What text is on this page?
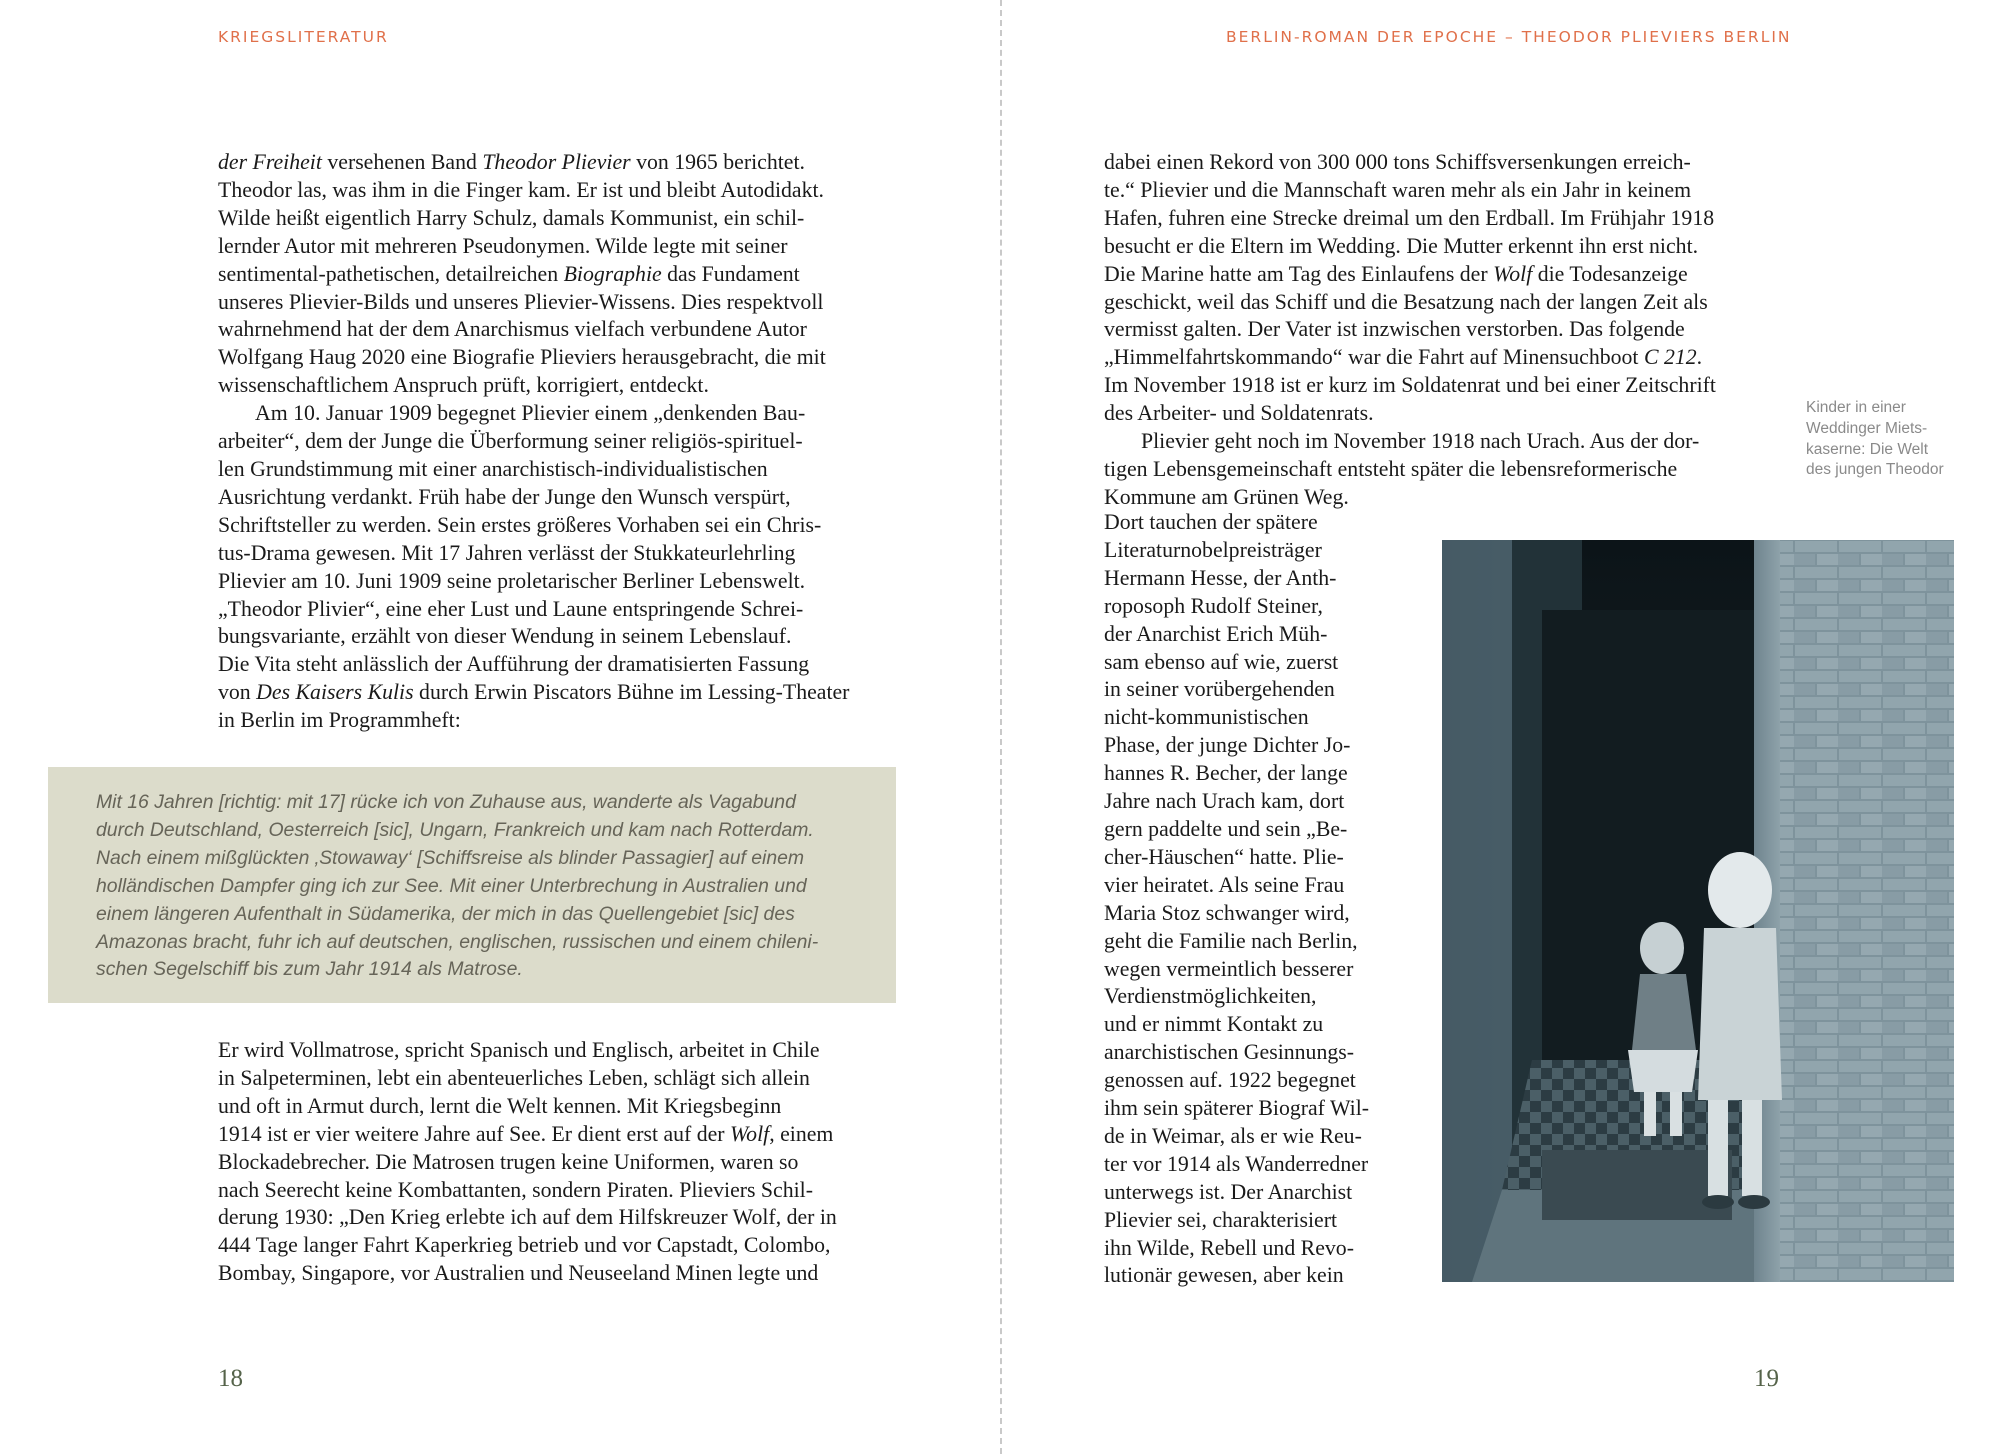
KRIEGSLITERATUR

der Freiheit versehenen Band Theodor Plievier von 1965 berichtet.
Theodor las, was ihm in die Finger kam. Er ist und bleibt Autodidakt.
Wilde heißt eigentlich Harry Schulz, damals Kommunist, ein schil-
lernder Autor mit mehreren Pseudonymen. Wilde legte mit seiner
sentimental-pathetischen, detailreichen Biographie das Fundament
unseres Plievier-Bilds und unseres Plievier-Wissens. Dies respektvoll
wahrnehmend hat der dem Anarchismus vielfach verbundene Autor
Wolfgang Haug 2020 eine Biografie Plieviers herausgebracht, die mit
wissenschaftlichem Anspruch prüft, korrigiert, entdeckt.
Am 10. Januar 1909 begegnet Plievier einem „denkenden Bau-
arbeiter“, dem der Junge die Überformung seiner religiös-spirituel-
len Grundstimmung mit einer anarchistisch-individualistischen
Ausrichtung verdankt. Früh habe der Junge den Wunsch verspürt,
Schriftsteller zu werden. Sein erstes größeres Vorhaben sei ein Chris-
tus-Drama gewesen. Mit 17 Jahren verlässt der Stukkateurlehrling
Plievier am 10. Juni 1909 seine proletarischer Berliner Lebenswelt.
„Theodor Plivier“, eine eher Lust und Laune entspringende Schrei-
bungsvariante, erzählt von dieser Wendung in seinem Lebenslauf.
Die Vita steht anlässlich der Aufführung der dramatisierten Fassung
von Des Kaisers Kulis durch Erwin Piscators Bühne im Lessing-Theater
in Berlin im Programmheft:

Mit 16 Jahren [richtig: mit 17] rücke ich von Zuhause aus, wanderte als Vagabund
durch Deutschland, Oesterreich [sic], Ungarn, Frankreich und kam nach Rotterdam.
Nach einem mißglückten ‚Stowaway‘ [Schiffsreise als blinder Passagier] auf einem
holländischen Dampfer ging ich zur See. Mit einer Unterbrechung in Australien und
einem längeren Aufenthalt in Südamerika, der mich in das Quellengebiet [sic] des
Amazonas bracht, fuhr ich auf deutschen, englischen, russischen und einem chileni-
schen Segelschiff bis zum Jahr 1914 als Matrose.

Er wird Vollmatrose, spricht Spanisch und Englisch, arbeitet in Chile
in Salpeterminen, lebt ein abenteuerliches Leben, schlägt sich allein
und oft in Armut durch, lernt die Welt kennen. Mit Kriegsbeginn
1914 ist er vier weitere Jahre auf See. Er dient erst auf der Wolf, einem
Blockadebrecher. Die Matrosen trugen keine Uniformen, waren so
nach Seerecht keine Kombattanten, sondern Piraten. Plieviers Schil-
derung 1930: „Den Krieg erlebte ich auf dem Hilfskreuzer Wolf, der in
444 Tage langer Fahrt Kaperkrieg betrieb und vor Capstadt, Colombo,
Bombay, Singapore, vor Australien und Neuseeland Minen legte und

18
BERLIN-ROMAN DER EPOCHE – THEODOR PLIEVIERS BERLIN

dabei einen Rekord von 300 000 tons Schiffsversenkungen erreich-
te.“ Plievier und die Mannschaft waren mehr als ein Jahr in keinem
Hafen, fuhren eine Strecke dreimal um den Erdball. Im Frühjahr 1918
besucht er die Eltern im Wedding. Die Mutter erkennt ihn erst nicht.
Die Marine hatte am Tag des Einlaufens der Wolf die Todesanzeige
geschickt, weil das Schiff und die Besatzung nach der langen Zeit als
vermisst galten. Der Vater ist inzwischen verstorben. Das folgende
„Himmelfahrtskommando“ war die Fahrt auf Minensuchboot C 212.
Im November 1918 ist er kurz im Soldatenrat und bei einer Zeitschrift
des Arbeiter- und Soldatenrats.
Plievier geht noch im November 1918 nach Urach. Aus der dor-
tigen Lebensgemeinschaft entsteht später die lebensreformerische
Kommune am Grünen Weg.

Dort tauchen der spätere
Literaturnobelpreisträger
Hermann Hesse, der Anth-
roposoph Rudolf Steiner,
der Anarchist Erich Müh-
sam ebenso auf wie, zuerst
in seiner vorübergehenden
nicht-kommunistischen
Phase, der junge Dichter Jo-
hannes R. Becher, der lange
Jahre nach Urach kam, dort
gern paddelte und sein „Be-
cher-Häuschen“ hatte. Plie-
vier heiratet. Als seine Frau
Maria Stoz schwanger wird,
geht die Familie nach Berlin,
wegen vermeintlich besserer
Verdienstmöglichkeiten,
und er nimmt Kontakt zu
anarchistischen Gesinnungs-
genossen auf. 1922 begegnet
ihm sein späterer Biograf Wil-
de in Weimar, als er wie Reu-
ter vor 1914 als Wanderredner
unterwegs ist. Der Anarchist
Plievier sei, charakterisiert
ihn Wilde, Rebell und Revo-
lutionär gewesen, aber kein

Kinder in einer
Weddinger Miets-
kaserne: Die Welt
des jungen Theodor

19
